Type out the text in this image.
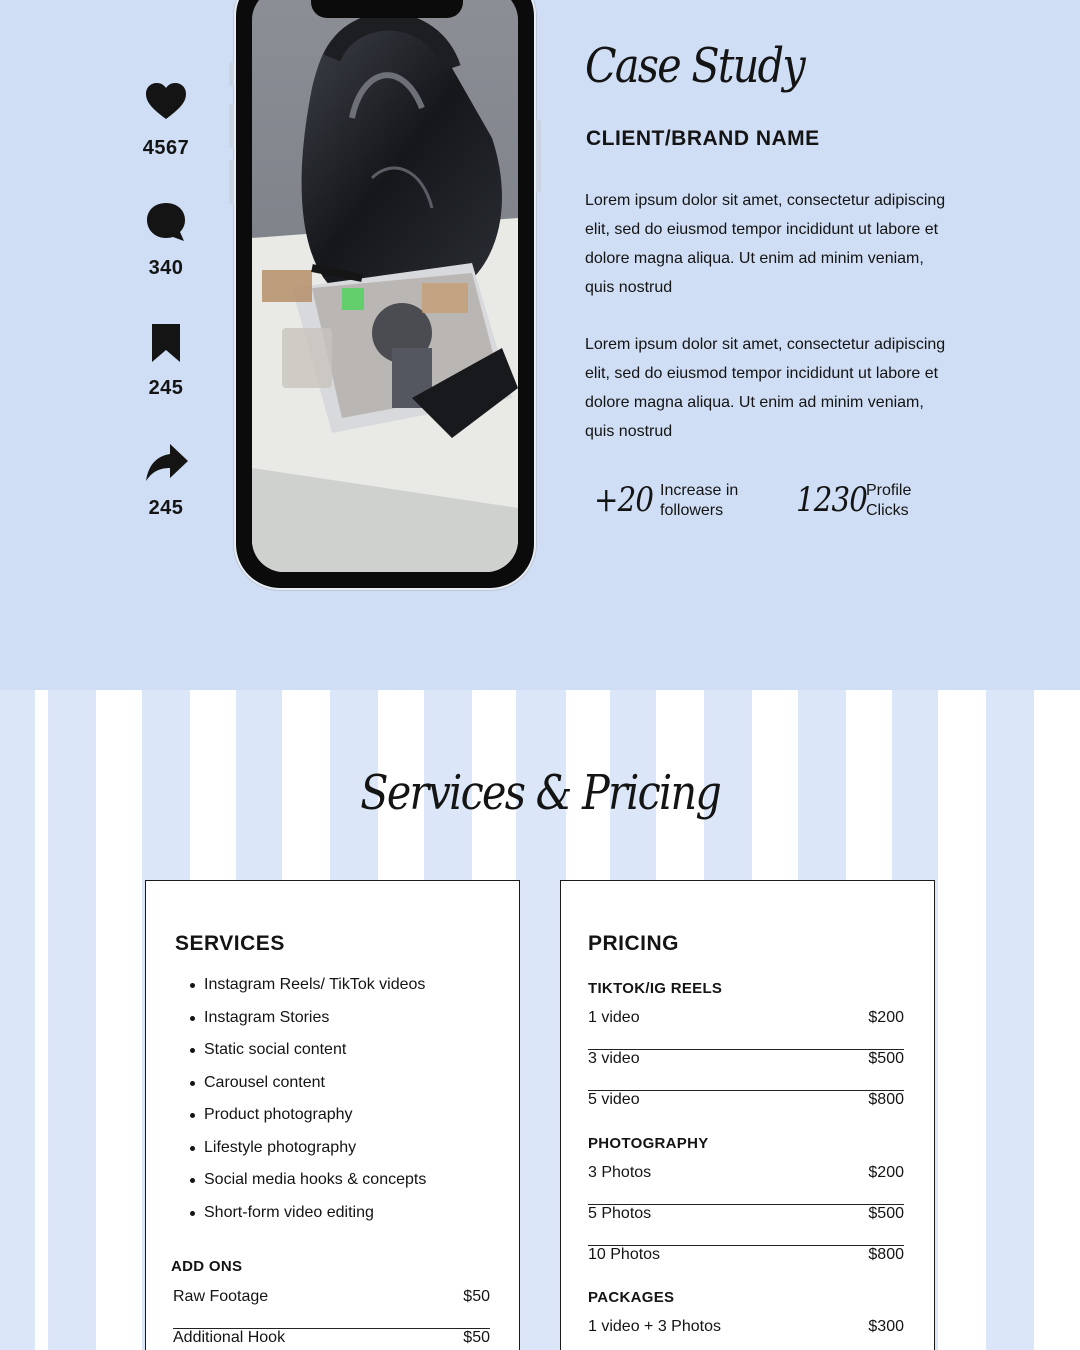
4567
340
245
245
Case Study
CLIENT/BRAND NAME

Lorem ipsum dolor sit amet, consectetur adipiscing elit, sed do eiusmod tempor incididunt ut labore et dolore magna aliqua. Ut enim ad minim veniam, quis nostrud

Lorem ipsum dolor sit amet, consectetur adipiscing elit, sed do eiusmod tempor incididunt ut labore et dolore magna aliqua. Ut enim ad minim veniam, quis nostrud

+20 Increase in
followers	1230 Profile
Clicks
Services & Pricing
SERVICES
Instagram Reels/ TikTok videos
Instagram Stories
Static social content
Carousel content
Product photography
Lifestyle photography
Social media hooks & concepts
Short-form video editing
ADD ONS
Raw Footage	$50
Additional Hook	$50
PRICING
TIKTOK/IG REELS
1 video	$200
3 video	$500
5 video	$800
PHOTOGRAPHY
3 Photos	$200
5 Photos	$500
10 Photos	$800
PACKAGES
1 video + 3 Photos	$300
